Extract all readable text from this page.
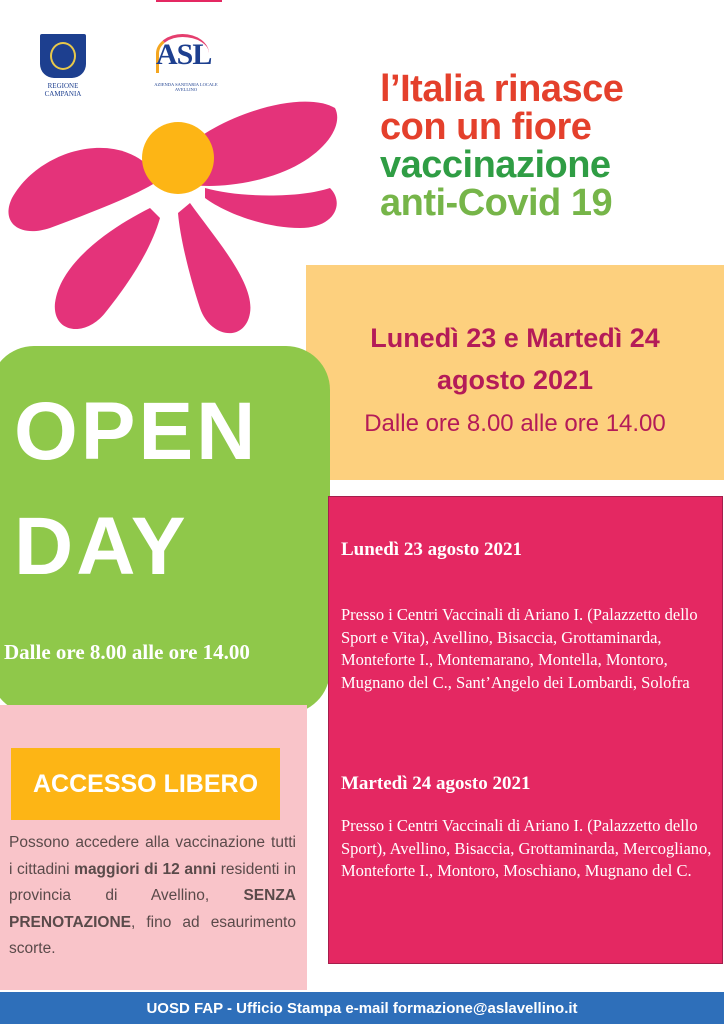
REGIONE CAMPANIA
ASL
AZIENDA SANITARIA LOCALE AVELLINO	l’Italia rinasce
con un fiore
vaccinazione
anti-Covid 19
Lunedì 23 e Martedì 24
agosto 2021
Dalle ore 8.00 alle ore 14.00
OPEN
DAY
Dalle ore 8.00 alle ore 14.00
ACCESSO LIBERO
Possono accedere alla vaccinazione tutti i cittadini maggiori di 12 anni residenti in provincia di Avellino, SENZA PRENOTAZIONE, fino ad esaurimento scorte.
Lunedì 23 agosto 2021
Presso i Centri Vaccinali di Ariano I. (Palazzetto dello Sport e Vita), Avellino, Bisaccia, Grottaminarda, Monteforte I., Montemarano, Montella, Montoro, Mugnano del C., Sant’Angelo dei Lombardi, Solofra
Martedì 24 agosto 2021
Presso i Centri Vaccinali di Ariano I. (Palazzetto dello Sport), Avellino, Bisaccia, Grottaminarda, Mercogliano, Monteforte I., Montoro, Moschiano, Mugnano del C.
UOSD FAP - Ufficio Stampa e-mail formazione@aslavellino.it
